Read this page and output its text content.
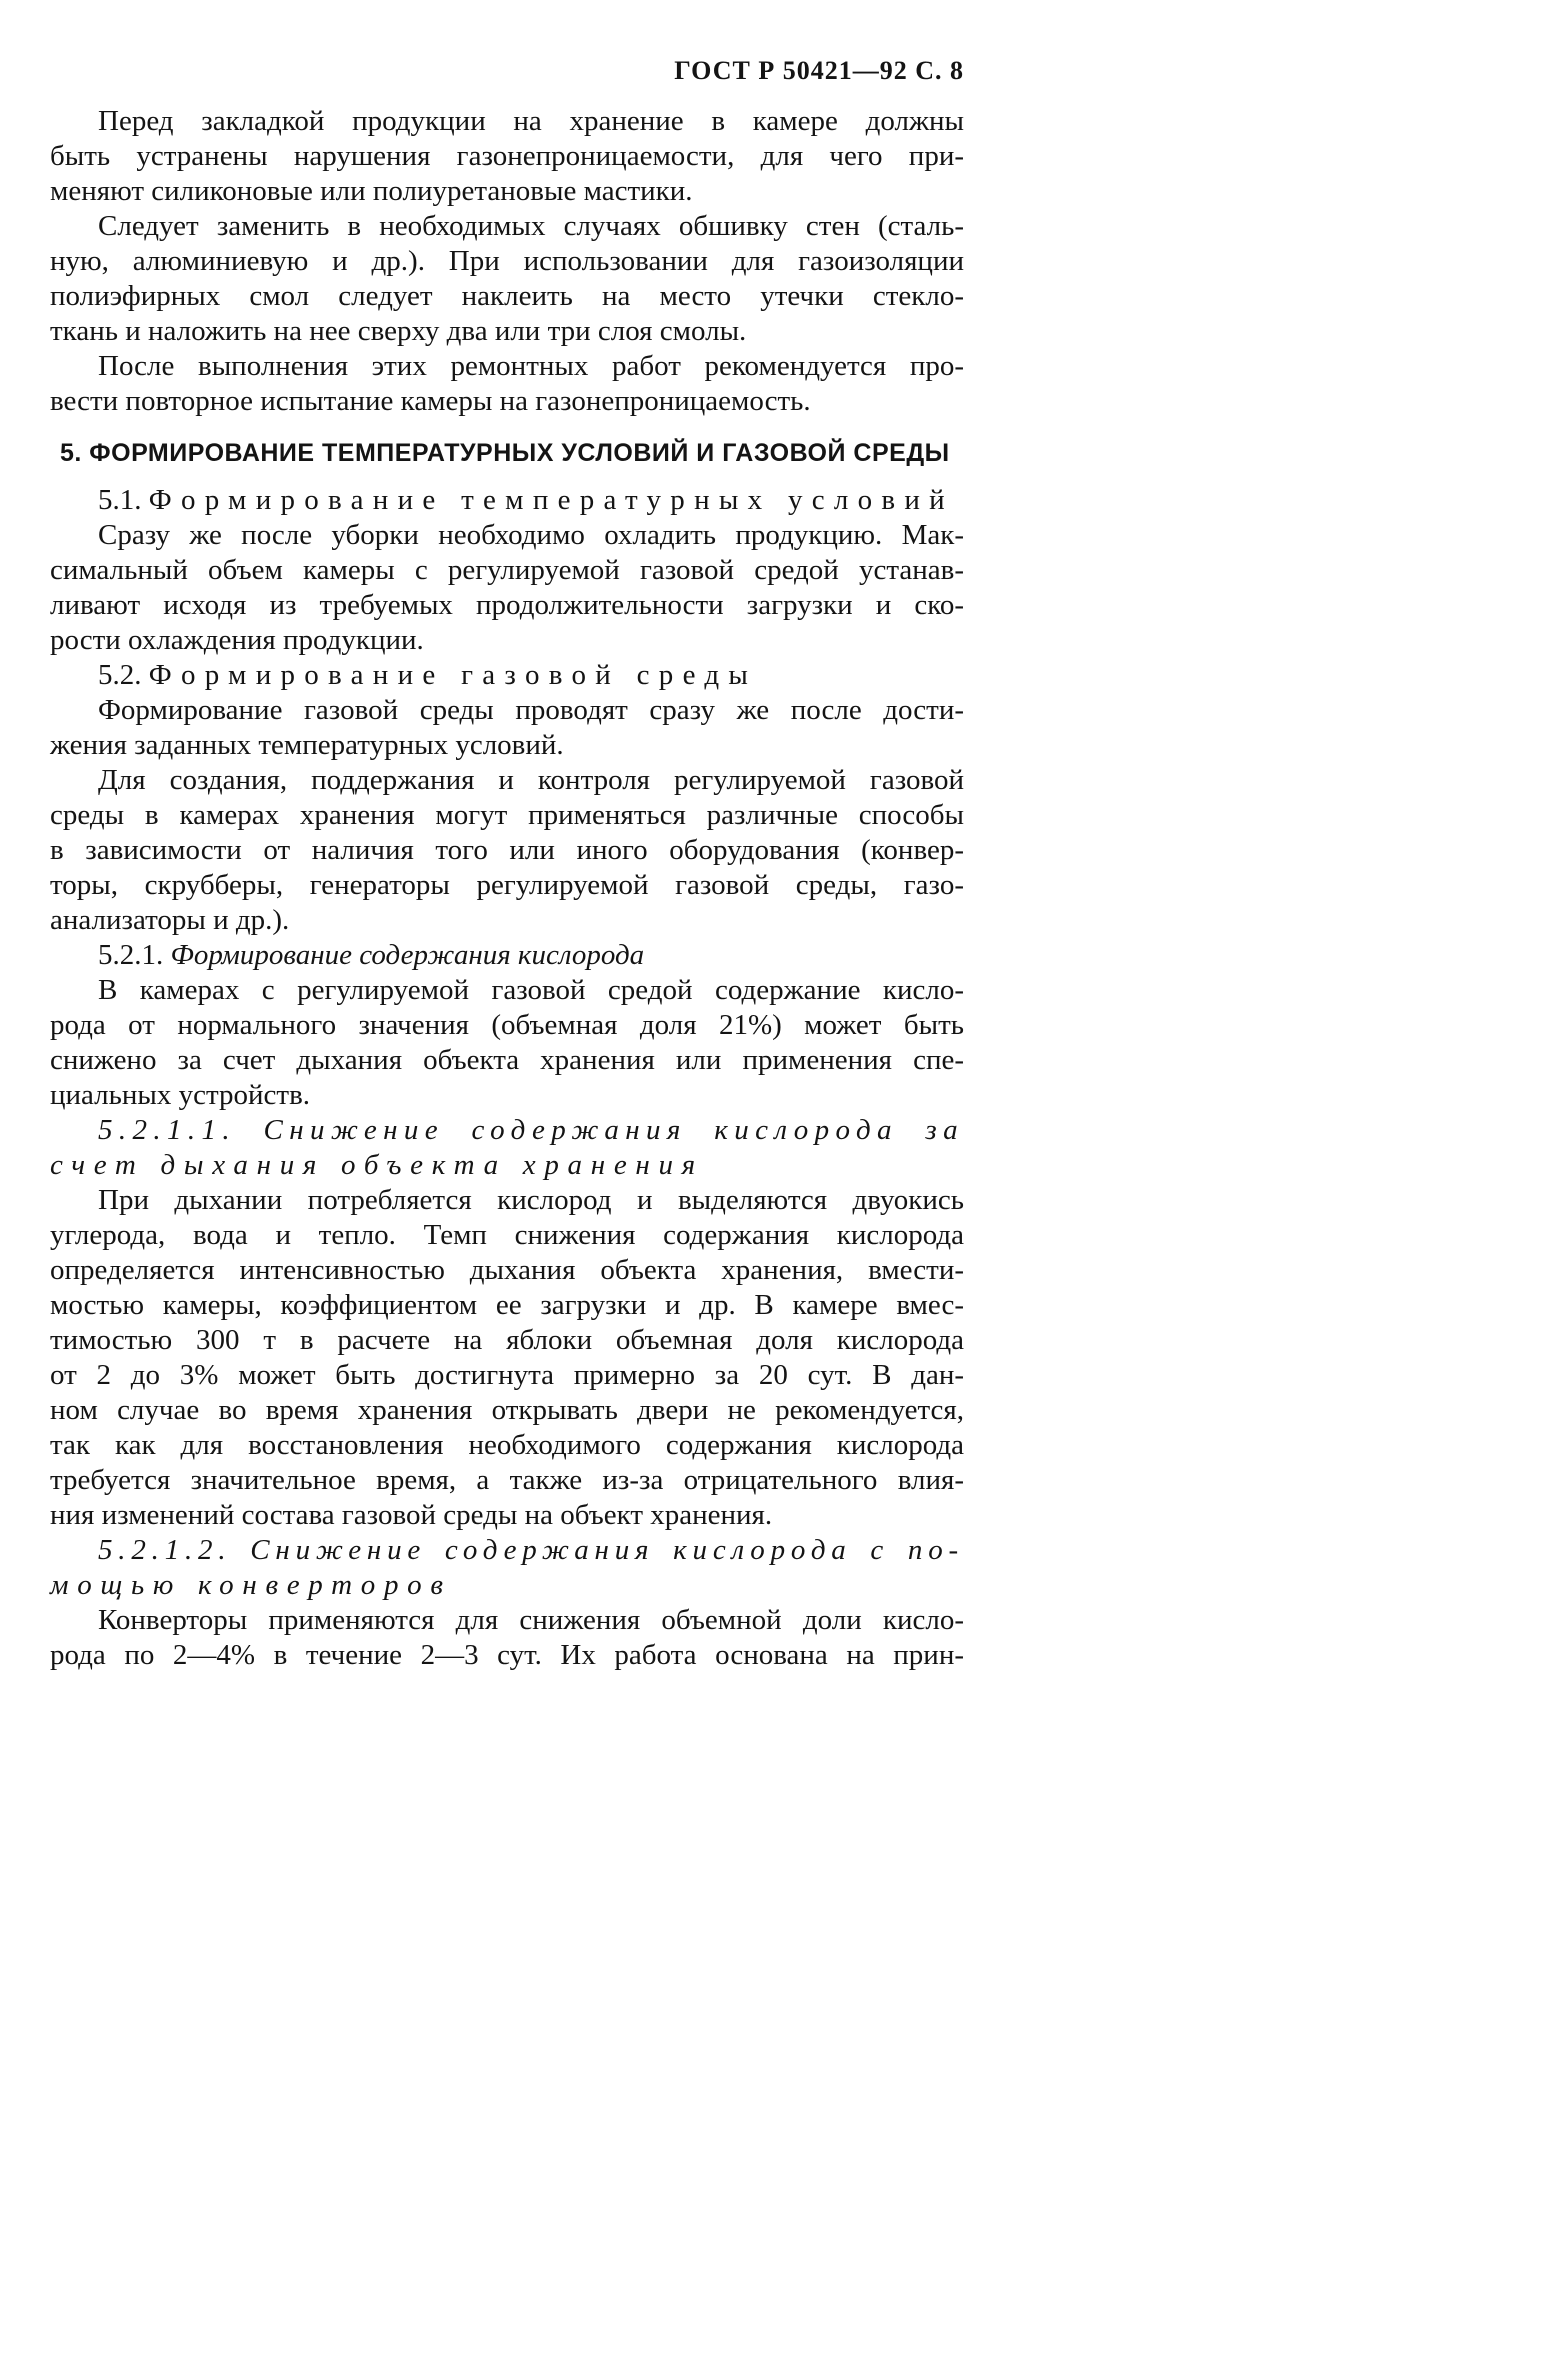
ГОСТ Р 50421—92 С. 8
Перед закладкой продукции на хранение в камере должны
быть устранены нарушения газонепроницаемости, для чего при-
меняют силиконовые или полиуретановые мастики.
Следует заменить в необходимых случаях обшивку стен (сталь-
ную, алюминиевую и др.). При использовании для газоизоляции
полиэфирных смол следует наклеить на место утечки стекло-
ткань и наложить на нее сверху два или три слоя смолы.
После выполнения этих ремонтных работ рекомендуется про-
вести повторное испытание камеры на газонепроницаемость.
5. ФОРМИРОВАНИЕ ТЕМПЕРАТУРНЫХ УСЛОВИЙ И ГАЗОВОЙ СРЕДЫ
5.1. Формирование температурных условий
Сразу же после уборки необходимо охладить продукцию. Мак-
симальный объем камеры с регулируемой газовой средой устанав-
ливают исходя из требуемых продолжительности загрузки и ско-
рости охлаждения продукции.
5.2. Формирование газовой среды
Формирование газовой среды проводят сразу же после дости-
жения заданных температурных условий.
Для создания, поддержания и контроля регулируемой газовой
среды в камерах хранения могут применяться различные способы
в зависимости от наличия того или иного оборудования (конвер-
торы, скрубберы, генераторы регулируемой газовой среды, газо-
анализаторы и др.).
5.2.1. Формирование содержания кислорода
В камерах с регулируемой газовой средой содержание кисло-
рода от нормального значения (объемная доля 21%) может быть
снижено за счет дыхания объекта хранения или применения спе-
циальных устройств.
5.2.1.1. Снижение содержания кислорода за
счет дыхания объекта хранения
При дыхании потребляется кислород и выделяются двуокись
углерода, вода и тепло. Темп снижения содержания кислорода
определяется интенсивностью дыхания объекта хранения, вмести-
мостью камеры, коэффициентом ее загрузки и др. В камере вмес-
тимостью 300 т в расчете на яблоки объемная доля кислорода
от 2 до 3% может быть достигнута примерно за 20 сут. В дан-
ном случае во время хранения открывать двери не рекомендуется,
так как для восстановления необходимого содержания кислорода
требуется значительное время, а также из-за отрицательного влия-
ния изменений состава газовой среды на объект хранения.
5.2.1.2. Снижение содержания кислорода с по-
мощью конверторов
Конверторы применяются для снижения объемной доли кисло-
рода по 2—4% в течение 2—3 сут. Их работа основана на прин-
